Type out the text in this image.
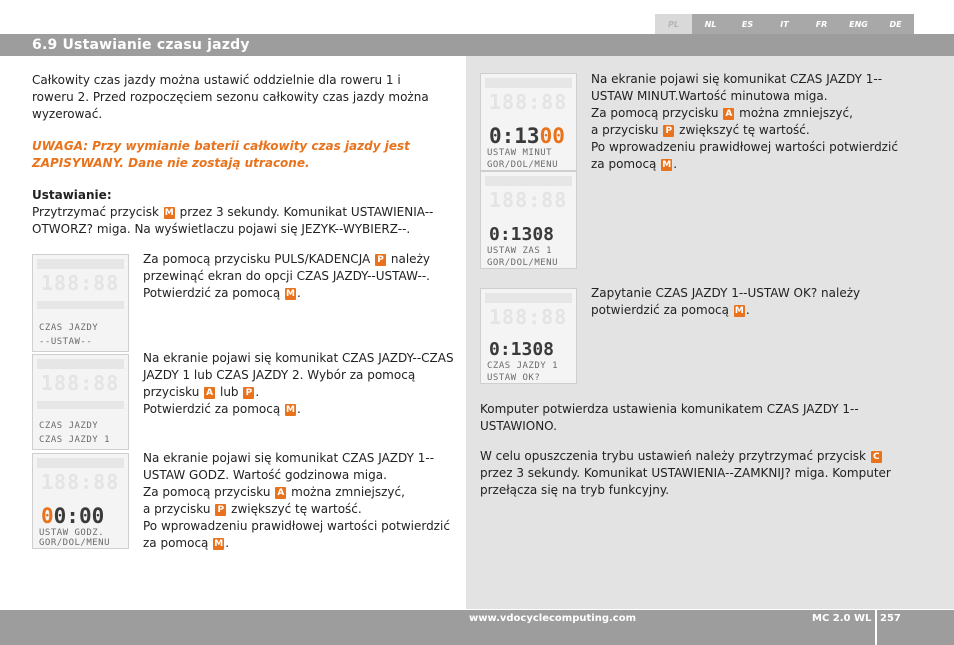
PL	NL	ES	IT	FR	ENG	DE
6.9 Ustawianie czasu jazdy

Całkowity czas jazdy można ustawić oddzielnie dla roweru 1 i roweru 2. Przed rozpoczęciem sezonu całkowity czas jazdy można wyzerować.

UWAGA: Przy wymianie baterii całkowity czas jazdy jest ZAPISYWANY. Dane nie zostają utracone.

Ustawianie:

Przytrzymać przycisk M przez 3 sekundy. Komunikat USTAWIENIA--OTWORZ? miga. Na wyświetlaczu pojawi się JEZYK--WYBIERZ--.

188:88
CZAS JAZDY
--USTAW--

Za pomocą przycisku PULS/KADENCJA P należy przewinąć ekran do opcji CZAS JAZDY--USTAW--. Potwierdzić za pomocą M .

188:88
CZAS JAZDY
CZAS JAZDY 1

Na ekranie pojawi się komunikat CZAS JAZDY--CZAS JAZDY 1 lub CZAS JAZDY 2. Wybór za pomocą przycisku A lub P .
Potwierdzić za pomocą M .

188:88
00:00
USTAW GODZ.
GOR/DOL/MENU

Na ekranie pojawi się komunikat CZAS JAZDY 1--USTAW GODZ. Wartość godzinowa miga.
Za pomocą przycisku A można zmniejszyć,
a przycisku P zwiększyć tę wartość.
Po wprowadzeniu prawidłowej wartości potwierdzić za pomocą M .

188:88
0:1300
USTAW MINUT
GOR/DOL/MENU
188:88
0:1308
USTAW ZAS 1
GOR/DOL/MENU

Na ekranie pojawi się komunikat CZAS JAZDY 1--USTAW MINUT.Wartość minutowa miga.
Za pomocą przycisku A można zmniejszyć,
a przycisku P zwiększyć tę wartość.
Po wprowadzeniu prawidłowej wartości potwierdzić za pomocą M .

188:88
0:1308
CZAS JAZDY 1
USTAW OK?

Zapytanie CZAS JAZDY 1--USTAW OK? należy potwierdzić za pomocą M .

Komputer potwierdza ustawienia komunikatem CZAS JAZDY 1--USTAWIONO.

W celu opuszczenia trybu ustawień należy przytrzymać przycisk C przez 3 sekundy. Komunikat USTAWIENIA--ZAMKNIJ? miga. Komputer przełącza się na tryb funkcyjny.

www.vdocyclecomputing.com	MC 2.0 WL 257
